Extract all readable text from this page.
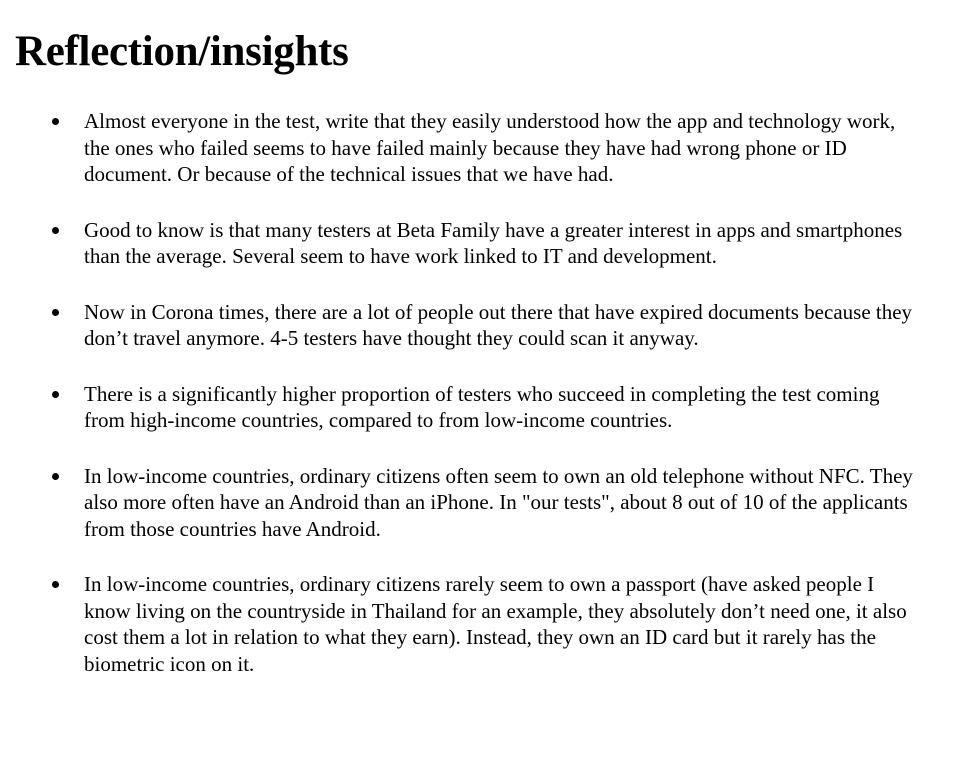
Reflection/insights
Almost everyone in the test, write that they easily understood how the app and technology work, the ones who failed seems to have failed mainly because they have had wrong phone or ID document. Or because of the technical issues that we have had.
Good to know is that many testers at Beta Family have a greater interest in apps and smartphones than the average. Several seem to have work linked to IT and development.
Now in Corona times, there are a lot of people out there that have expired documents because they don’t travel anymore. 4-5 testers have thought they could scan it anyway.
There is a significantly higher proportion of testers who succeed in completing the test coming from high-income countries, compared to from low-income countries.
In low-income countries, ordinary citizens often seem to own an old telephone without NFC. They also more often have an Android than an iPhone. In "our tests", about 8 out of 10 of the applicants from those countries have Android.
In low-income countries, ordinary citizens rarely seem to own a passport (have asked people I know living on the countryside in Thailand for an example, they absolutely don’t need one, it also cost them a lot in relation to what they earn). Instead, they own an ID card but it rarely has the biometric icon on it.
